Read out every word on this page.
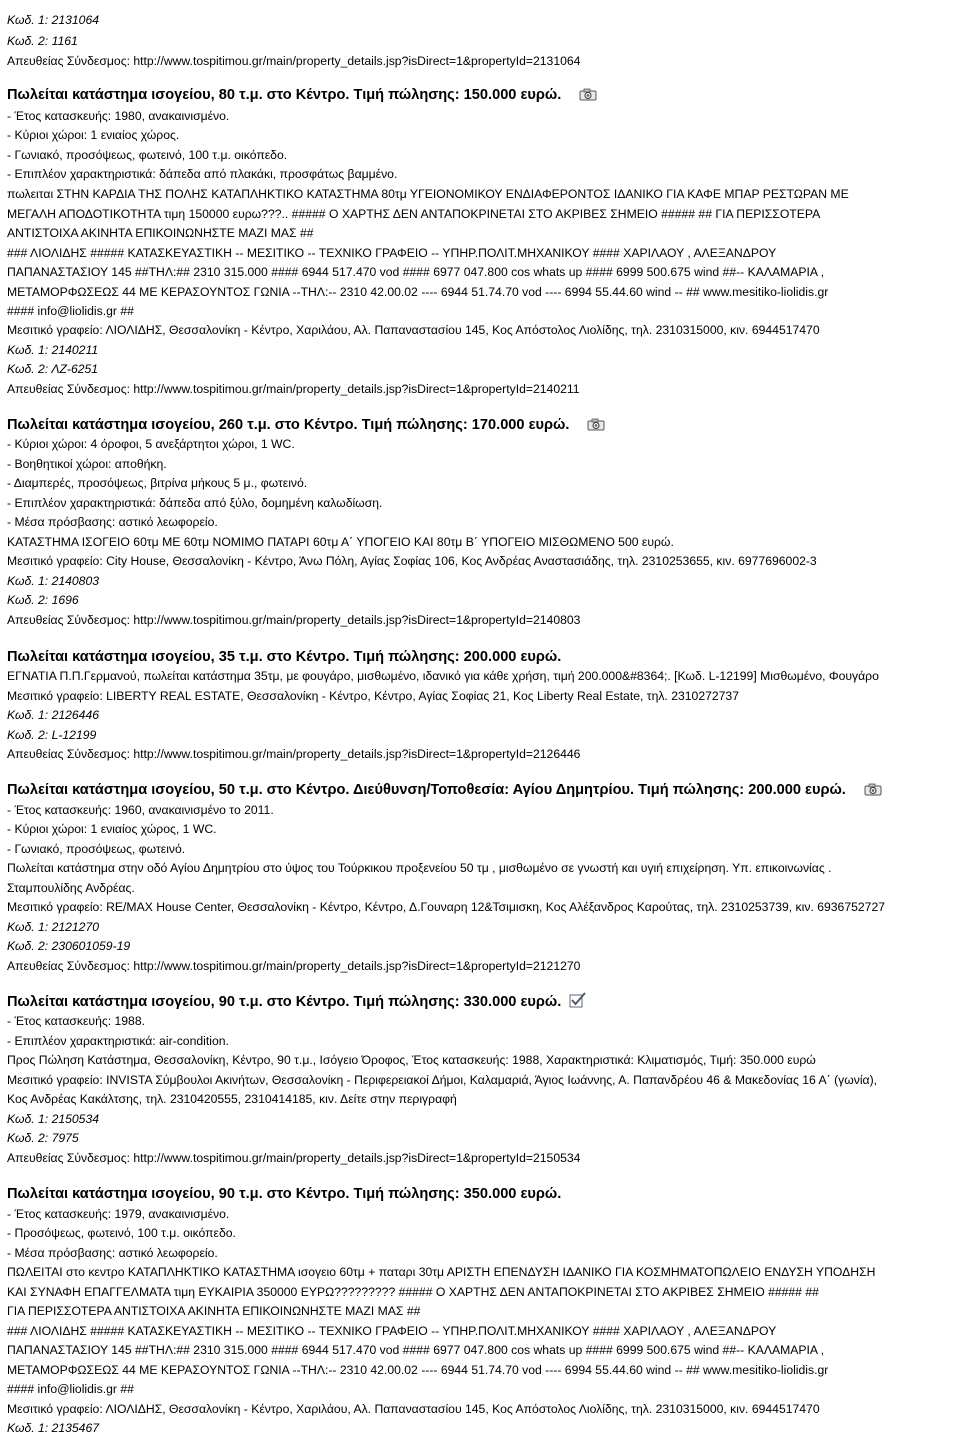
Κωδ. 1: 2131064
Κωδ. 2: 1161
Απευθείας Σύνδεσμος: http://www.tospitimou.gr/main/property_details.jsp?isDirect=1&propertyId=2131064
Πωλείται κατάστημα ισογείου, 80 τ.μ. στο Κέντρο. Τιμή πώλησης: 150.000 ευρώ.
- Έτος κατασκευής: 1980, ανακαινισμένο.
- Κύριοι χώροι: 1 ενιαίος χώρος.
- Γωνιακό, προσόψεως, φωτεινό, 100 τ.μ. οικόπεδο.
- Επιπλέον χαρακτηριστικά: δάπεδα από πλακάκι, προσφάτως βαμμένο.
πωλειται ΣΤΗΝ ΚΑΡΔΙΑ ΤΗΣ ΠΟΛΗΣ ΚΑΤΑΠΛΗΚΤΙΚΟ ΚΑΤΑΣΤΗΜΑ 80τμ ΥΓΕΙΟΝΟΜΙΚΟΥ ΕΝΔΙΑΦΕΡΟΝΤΟΣ ΙΔΑΝΙΚΟ ΓΙΑ ΚΑΦΕ ΜΠΑΡ ΡΕΣΤΩΡΑΝ ΜΕ
ΜΕΓΑΛΗ ΑΠΟΔΟΤΙΚΟΤΗΤΑ τιμη 150000 ευρω???.. ##### Ο ΧΑΡΤΗΣ ΔΕΝ ΑΝΤΑΠΟΚΡΙΝΕΤΑΙ ΣΤΟ ΑΚΡΙΒΕΣ ΣΗΜΕΙΟ ##### ## ΓΙΑ ΠΕΡΙΣΣΟΤΕΡΑ
ΑΝΤΙΣΤΟΙΧΑ ΑΚΙΝΗΤΑ ΕΠΙΚΟΙΝΩΝΗΣΤΕ ΜΑΖΙ ΜΑΣ ##
### ΛΙΟΛΙΔΗΣ ##### ΚΑΤΑΣΚΕΥΑΣΤΙΚΗ -- ΜΕΣΙΤΙΚΟ -- ΤΕΧΝΙΚΟ ΓΡΑΦΕΙΟ -- ΥΠΗΡ.ΠΟΛΙΤ.ΜΗΧΑΝΙΚΟΥ #### ΧΑΡΙΛΑΟΥ , ΑΛΕΞΑΝΔΡΟΥ
ΠΑΠΑΝΑΣΤΑΣΙΟΥ 145 ##ΤΗΛ:## 2310 315.000 #### 6944 517.470 vod #### 6977 047.800 cos whats up #### 6999 500.675 wind ##-- ΚΑΛΑΜΑΡΙΑ ,
ΜΕΤΑΜΟΡΦΩΣΕΩΣ 44 ΜΕ ΚΕΡΑΣΟΥΝΤΟΣ ΓΩΝΙΑ --ΤΗΛ:-- 2310 42.00.02 ---- 6944 51.74.70 vod ---- 6994 55.44.60 wind -- ## www.mesitiko-liolidis.gr
#### info@liolidis.gr ##
Μεσιτικό γραφείο: ΛΙΟΛΙΔΗΣ, Θεσσαλονίκη - Κέντρο, Χαριλάου, Αλ. Παπαναστασίου 145, Κος Απόστολος Λιολίδης, τηλ. 2310315000, κιν. 6944517470
Κωδ. 1: 2140211
Κωδ. 2: ΛΖ-6251
Απευθείας Σύνδεσμος: http://www.tospitimou.gr/main/property_details.jsp?isDirect=1&propertyId=2140211
Πωλείται κατάστημα ισογείου, 260 τ.μ. στο Κέντρο. Τιμή πώλησης: 170.000 ευρώ.
- Κύριοι χώροι: 4 όροφοι, 5 ανεξάρτητοι χώροι, 1 WC.
- Βοηθητικοί χώροι: αποθήκη.
- Διαμπερές, προσόψεως, βιτρίνα μήκους 5 μ., φωτεινό.
- Επιπλέον χαρακτηριστικά: δάπεδα από ξύλο, δομημένη καλωδίωση.
- Μέσα πρόσβασης: αστικό λεωφορείο.
ΚΑΤΑΣΤΗΜΑ ΙΣΟΓΕΙΟ 60τμ ΜΕ 60τμ ΝΟΜΙΜΟ ΠΑΤΑΡΙ 60τμ Α΄ ΥΠΟΓΕΙΟ ΚΑΙ 80τμ Β΄ ΥΠΟΓΕΙΟ ΜΙΣΘΩΜΕΝΟ 500 ευρώ.
Μεσιτικό γραφείο: City House, Θεσσαλονίκη - Κέντρο, Άνω Πόλη, Αγίας Σοφίας 106, Κος Ανδρέας Αναστασιάδης, τηλ. 2310253655, κιν. 6977696002-3
Κωδ. 1: 2140803
Κωδ. 2: 1696
Απευθείας Σύνδεσμος: http://www.tospitimou.gr/main/property_details.jsp?isDirect=1&propertyId=2140803
Πωλείται κατάστημα ισογείου, 35 τ.μ. στο Κέντρο. Τιμή πώλησης: 200.000 ευρώ.
ΕΓΝΑΤΙΑ Π.Π.Γερμανού, πωλείται κατάστημα 35τμ, με φουγάρο, μισθωμένο, ιδανικό για κάθε χρήση, τιμή 200.000&#8364;. [Κωδ. L-12199] Μισθωμένο, Φουγάρο
Μεσιτικό γραφείο: LIBERTY REAL ESTATE, Θεσσαλονίκη - Κέντρο, Κέντρο, Αγίας Σοφίας 21, Κος Liberty Real Estate, τηλ. 2310272737
Κωδ. 1: 2126446
Κωδ. 2: L-12199
Απευθείας Σύνδεσμος: http://www.tospitimou.gr/main/property_details.jsp?isDirect=1&propertyId=2126446
Πωλείται κατάστημα ισογείου, 50 τ.μ. στο Κέντρο. Διεύθυνση/Τοποθεσία: Αγίου Δημητρίου. Τιμή πώλησης: 200.000 ευρώ.
- Έτος κατασκευής: 1960, ανακαινισμένο το 2011.
- Κύριοι χώροι: 1 ενιαίος χώρος, 1 WC.
- Γωνιακό, προσόψεως, φωτεινό.
Πωλείται κατάστημα στην οδό Αγίου Δημητρίου στο ύψος του Τούρκικου προξενείου 50 τμ , μισθωμένο σε γνωστή και υγιή επιχείρηση. Υπ. επικοινωνίας .
Σταμπουλίδης Ανδρέας.
Μεσιτικό γραφείο: RE/MAX House Center, Θεσσαλονίκη - Κέντρο, Κέντρο, Δ.Γουναρη 12&Τσιμισκη, Κος Αλέξανδρος Καρούτας, τηλ. 2310253739, κιν. 6936752727
Κωδ. 1: 2121270
Κωδ. 2: 230601059-19
Απευθείας Σύνδεσμος: http://www.tospitimou.gr/main/property_details.jsp?isDirect=1&propertyId=2121270
Πωλείται κατάστημα ισογείου, 90 τ.μ. στο Κέντρο. Τιμή πώλησης: 330.000 ευρώ.
- Έτος κατασκευής: 1988.
- Επιπλέον χαρακτηριστικά: air-condition.
Προς Πώληση Κατάστημα, Θεσσαλονίκη, Κέντρο, 90 τ.μ., Ισόγειο Όροφος, Έτος κατασκευής: 1988, Χαρακτηριστικά: Κλιματισμός, Τιμή: 350.000 ευρώ
Μεσιτικό γραφείο: INVISTA Σύμβουλοι Ακινήτων, Θεσσαλονίκη - Περιφερειακοί Δήμοι, Καλαμαριά, Άγιος Ιωάννης, Α. Παπανδρέου 46 & Μακεδονίας 16 Α΄ (γωνία),
Κος Ανδρέας Κακάλτσης, τηλ. 2310420555, 2310414185, κιν. Δείτε στην περιγραφή
Κωδ. 1: 2150534
Κωδ. 2: 7975
Απευθείας Σύνδεσμος: http://www.tospitimou.gr/main/property_details.jsp?isDirect=1&propertyId=2150534
Πωλείται κατάστημα ισογείου, 90 τ.μ. στο Κέντρο. Τιμή πώλησης: 350.000 ευρώ.
- Έτος κατασκευής: 1979, ανακαινισμένο.
- Προσόψεως, φωτεινό, 100 τ.μ. οικόπεδο.
- Μέσα πρόσβασης: αστικό λεωφορείο.
ΠΩΛΕΙΤΑΙ στο κεντρο ΚΑΤΑΠΛΗΚΤΙΚΟ ΚΑΤΑΣΤΗΜΑ ισογειο 60τμ + παταρι 30τμ ΑΡΙΣΤΗ ΕΠΕΝΔΥΣΗ ΙΔΑΝΙΚΟ ΓΙΑ ΚΟΣΜΗΜΑΤΟΠΩΛΕΙΟ ΕΝΔΥΣΗ ΥΠΟΔΗΣΗ
ΚΑΙ ΣΥΝΑΦΗ ΕΠΑΓΓΕΛΜΑΤΑ τιμη ΕΥΚΑΙΡΙΑ 350000 ΕΥΡΩ????????? ##### Ο ΧΑΡΤΗΣ ΔΕΝ ΑΝΤΑΠΟΚΡΙΝΕΤΑΙ ΣΤΟ ΑΚΡΙΒΕΣ ΣΗΜΕΙΟ ##### ##
ΓΙΑ ΠΕΡΙΣΣΟΤΕΡΑ ΑΝΤΙΣΤΟΙΧΑ ΑΚΙΝΗΤΑ ΕΠΙΚΟΙΝΩΝΗΣΤΕ ΜΑΖΙ ΜΑΣ ##
### ΛΙΟΛΙΔΗΣ ##### ΚΑΤΑΣΚΕΥΑΣΤΙΚΗ -- ΜΕΣΙΤΙΚΟ -- ΤΕΧΝΙΚΟ ΓΡΑΦΕΙΟ -- ΥΠΗΡ.ΠΟΛΙΤ.ΜΗΧΑΝΙΚΟΥ #### ΧΑΡΙΛΑΟΥ , ΑΛΕΞΑΝΔΡΟΥ
ΠΑΠΑΝΑΣΤΑΣΙΟΥ 145 ##ΤΗΛ:## 2310 315.000 #### 6944 517.470 vod #### 6977 047.800 cos whats up #### 6999 500.675 wind ##-- ΚΑΛΑΜΑΡΙΑ ,
ΜΕΤΑΜΟΡΦΩΣΕΩΣ 44 ΜΕ ΚΕΡΑΣΟΥΝΤΟΣ ΓΩΝΙΑ --ΤΗΛ:-- 2310 42.00.02 ---- 6944 51.74.70 vod ---- 6994 55.44.60 wind -- ## www.mesitiko-liolidis.gr
#### info@liolidis.gr ##
Μεσιτικό γραφείο: ΛΙΟΛΙΔΗΣ, Θεσσαλονίκη - Κέντρο, Χαριλάου, Αλ. Παπαναστασίου 145, Κος Απόστολος Λιολίδης, τηλ. 2310315000, κιν. 6944517470
Κωδ. 1: 2135467
